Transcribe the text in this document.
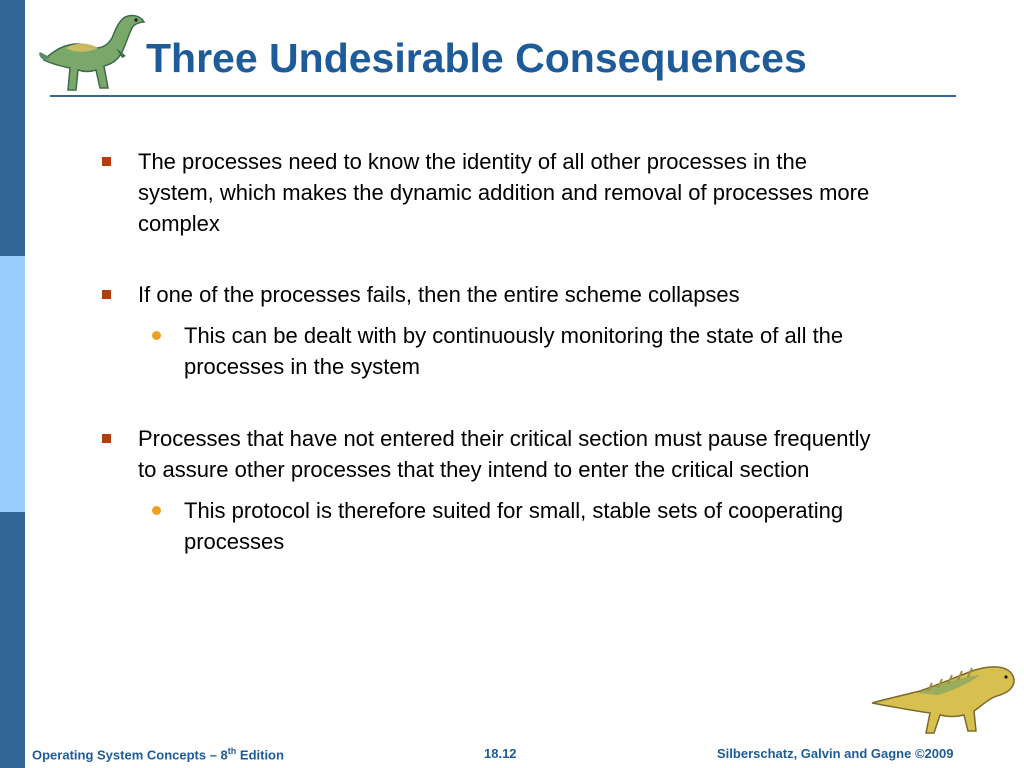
Three Undesirable Consequences
The processes need to know the identity of all other processes in the
system, which makes the dynamic addition and removal of processes more
complex
If one of the processes fails, then the entire scheme collapses
This can be dealt with by continuously monitoring the state of all the
processes in the system
Processes that have not entered their critical section must pause frequently
to assure other processes that they intend to enter the critical section
This protocol is therefore suited for small, stable sets of cooperating
processes
Operating System Concepts – 8th Edition	18.12	Silberschatz, Galvin and Gagne ©2009
